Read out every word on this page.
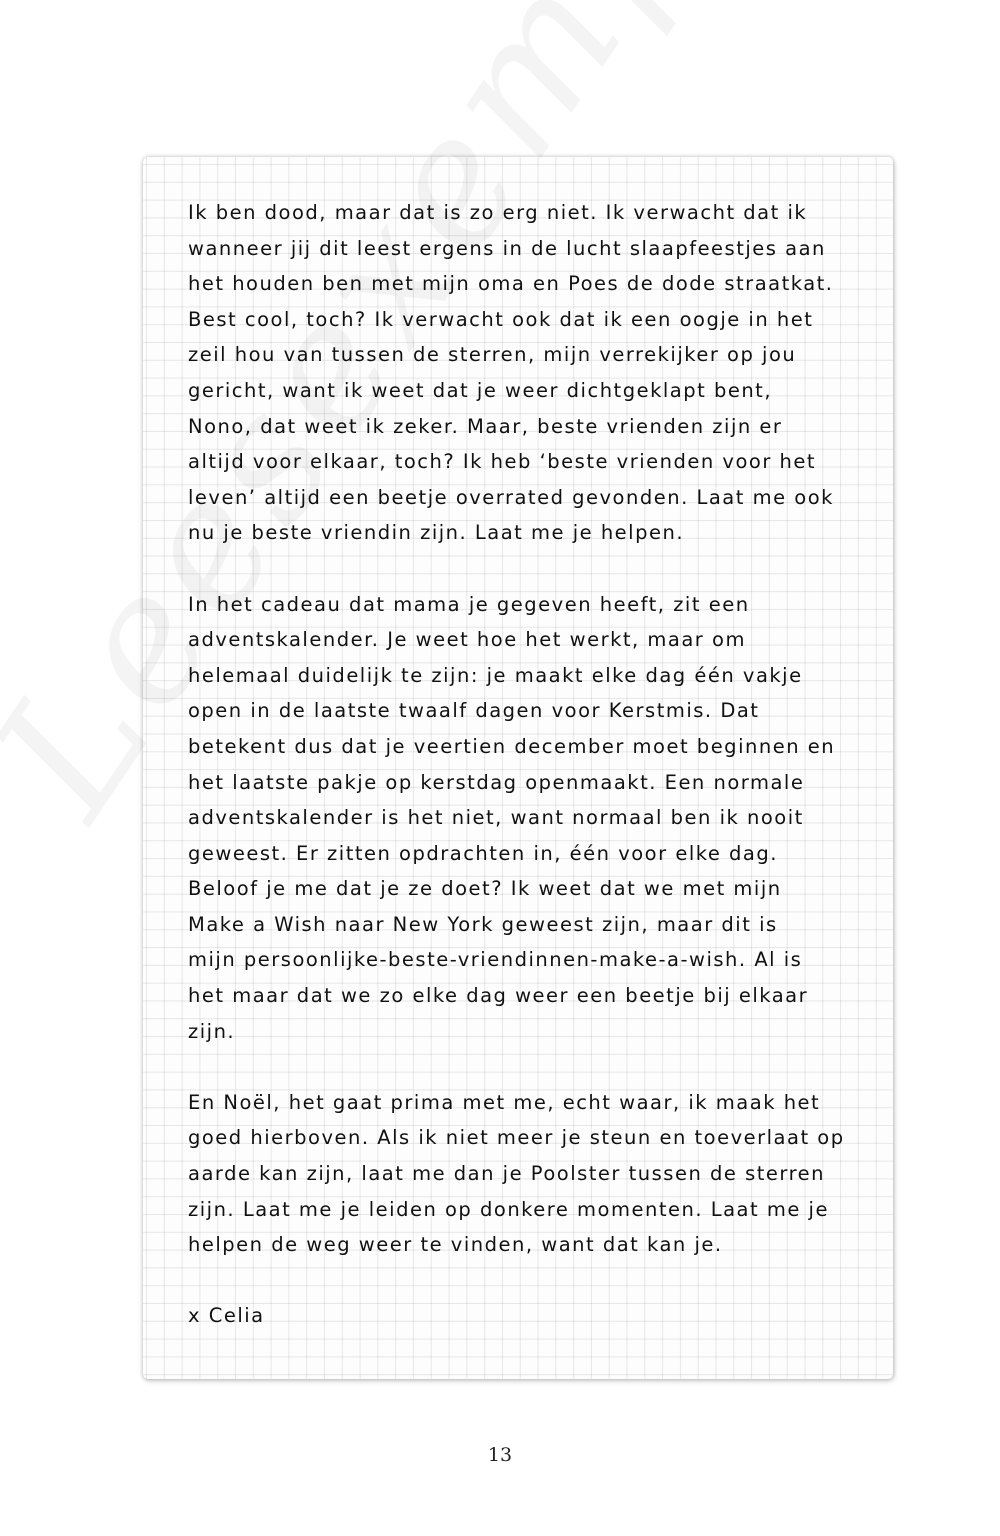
Ik ben dood, maar dat is zo erg niet. Ik verwacht dat ik
wanneer jij dit leest ergens in de lucht slaapfeestjes aan
het houden ben met mijn oma en Poes de dode straatkat.
Best cool, toch? Ik verwacht ook dat ik een oogje in het
zeil hou van tussen de sterren, mijn verrekijker op jou
gericht, want ik weet dat je weer dichtgeklapt bent,
Nono, dat weet ik zeker. Maar, beste vrienden zijn er
altijd voor elkaar, toch? Ik heb ‘beste vrienden voor het
leven’ altijd een beetje overrated gevonden. Laat me ook
nu je beste vriendin zijn. Laat me je helpen.
In het cadeau dat mama je gegeven heeft, zit een
adventskalender. Je weet hoe het werkt, maar om
helemaal duidelijk te zijn: je maakt elke dag één vakje
open in de laatste twaalf dagen voor Kerstmis. Dat
betekent dus dat je veertien december moet beginnen en
het laatste pakje op kerstdag openmaakt. Een normale
adventskalender is het niet, want normaal ben ik nooit
geweest. Er zitten opdrachten in, één voor elke dag.
Beloof je me dat je ze doet? Ik weet dat we met mijn
Make a Wish naar New York geweest zijn, maar dit is
mijn persoonlijke-beste-vriendinnen-make-a-wish. Al is
het maar dat we zo elke dag weer een beetje bij elkaar
zijn.
En Noël, het gaat prima met me, echt waar, ik maak het
goed hierboven. Als ik niet meer je steun en toeverlaat op
aarde kan zijn, laat me dan je Poolster tussen de sterren
zijn. Laat me je leiden op donkere momenten. Laat me je
helpen de weg weer te vinden, want dat kan je.
x Celia
13
